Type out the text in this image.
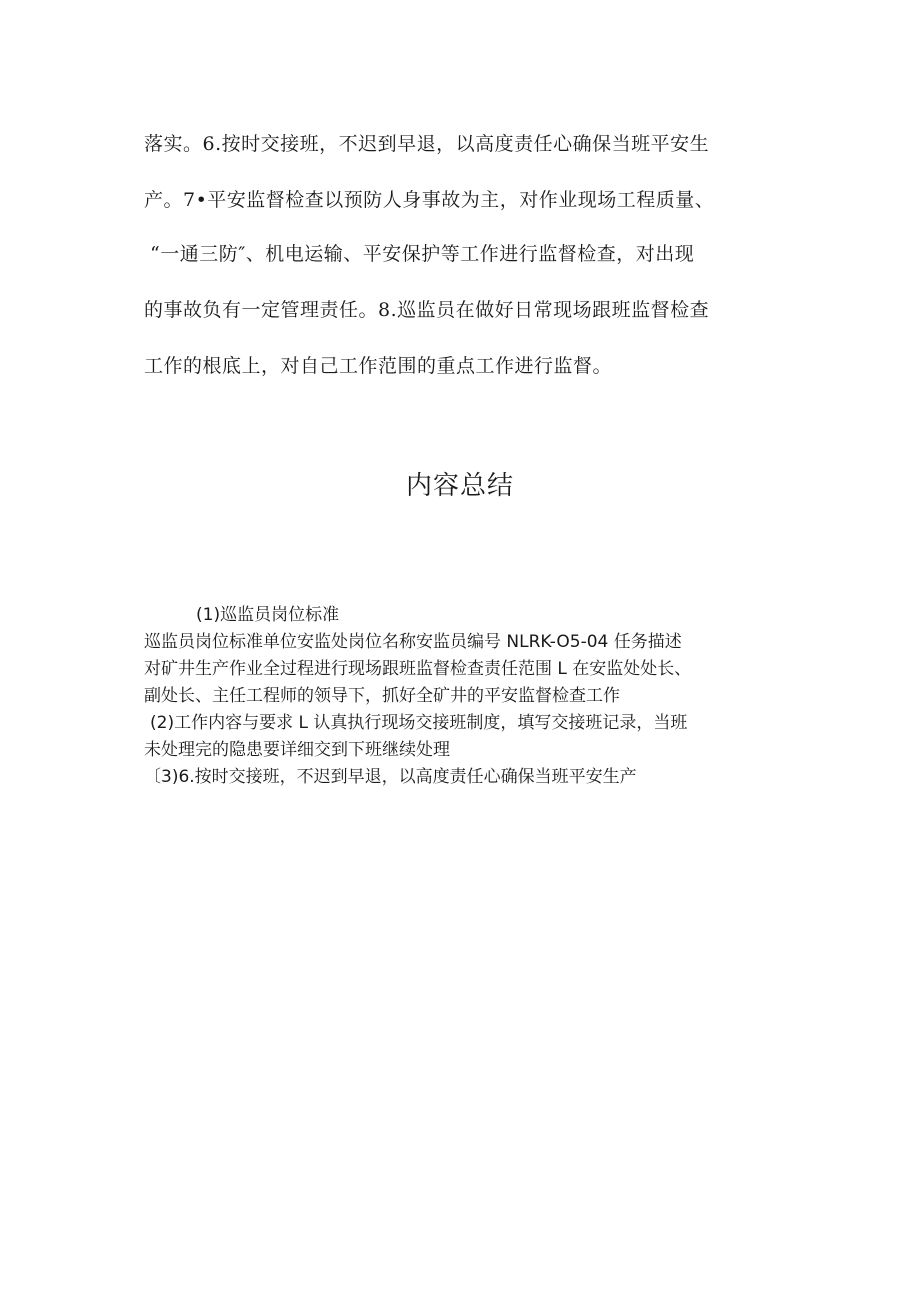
落实。6.按时交接班，不迟到早退，以高度责任心确保当班平安生
产。7•平安监督检查以预防人身事故为主，对作业现场工程质量、
“一通三防″、机电运输、平安保护等工作进行监督检查，对出现
的事故负有一定管理责任。8.巡监员在做好日常现场跟班监督检查
工作的根底上，对自己工作范围的重点工作进行监督。
内容总结
(1)巡监员岗位标准
巡监员岗位标准单位安监处岗位名称安监员编号 NLRK-O5-04 任务描述
对矿井生产作业全过程进行现场跟班监督检查责任范围 L 在安监处处长、
副处长、主任工程师的领导下，抓好全矿井的平安监督检查工作
(2)工作内容与要求 L 认真执行现场交接班制度，填写交接班记录，当班
未处理完的隐患要详细交到下班继续处理
〔3)6.按时交接班，不迟到早退，以高度责任心确保当班平安生产
